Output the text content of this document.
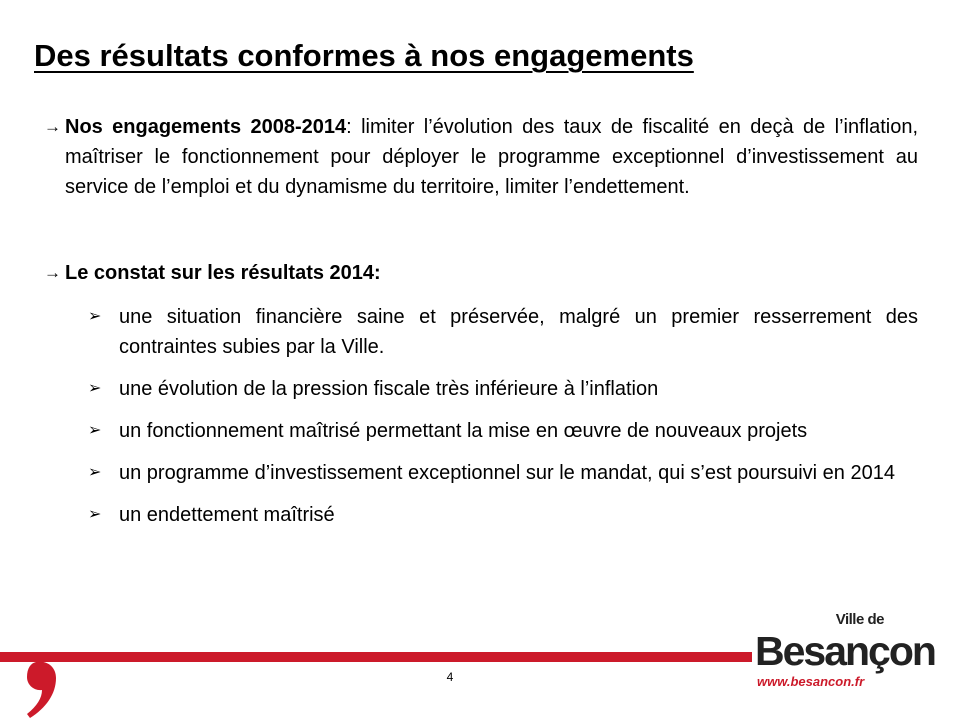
Des résultats conformes à nos engagements
→ Nos engagements 2008-2014: limiter l’évolution des taux de fiscalité en deçà de l’inflation, maîtriser le fonctionnement pour déployer le programme exceptionnel d’investissement au service de l’emploi et du dynamisme du territoire, limiter l’endettement.
→ Le constat sur les résultats 2014:
➢ une situation financière saine et préservée, malgré un premier resserrement des contraintes subies par la Ville.
➢ une évolution de la pression fiscale très inférieure à l’inflation
➢ un fonctionnement maîtrisé permettant la mise en œuvre de nouveaux projets
➢ un programme d’investissement exceptionnel sur le mandat, qui s’est poursuivi en 2014
➢ un endettement maîtrisé
4
Ville de
Besançon
www.besancon.fr
